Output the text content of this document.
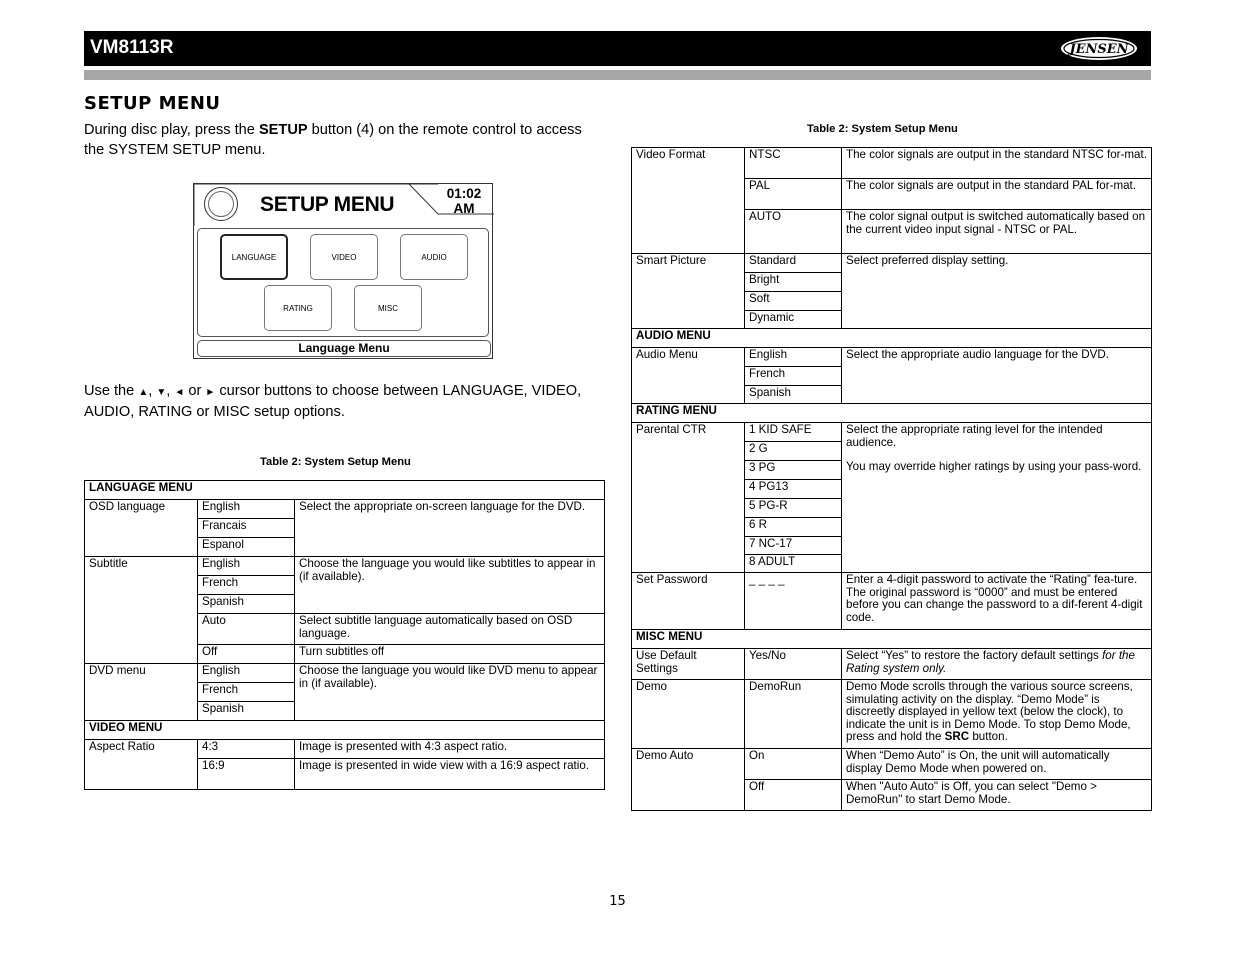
VM8113R	JENSEN
SETUP MENU
During disc play, press the SETUP button (4) on the remote control to access the SYSTEM SETUP menu.
SETUP MENU	01:02
AM
LANGUAGE	VIDEO	AUDIO
RATING	MISC
Language Menu
Use the ▲, ▼, ◄ or ► cursor buttons to choose between LANGUAGE, VIDEO, AUDIO, RATING or MISC setup options.
Table 2: System Setup Menu
Table 2: System Setup Menu
LANGUAGE MENU		
OSD language	English	Select the appropriate on-screen language for the DVD.
	Francais	
	Espanol	
Subtitle	English	Choose the language you would like subtitles to appear in (if available).
	French	
	Spanish	
	Auto	Select subtitle language automatically based on OSD language.
	Off	Turn subtitles off
DVD menu	English	Choose the language you would like DVD menu to appear in (if available).
	French	
	Spanish	
VIDEO MENU		
Aspect Ratio	4:3	Image is presented with 4:3 aspect ratio.
	16:9	Image is presented in wide view with a 16:9 aspect ratio.
Video Format	NTSC	The color signals are output in the standard NTSC for-mat.
	PAL	The color signals are output in the standard PAL for-mat.
	AUTO	The color signal output is switched automatically based on the current video input signal - NTSC or PAL.
Smart Picture	Standard	Select preferred display setting.
	Bright	
	Soft	
	Dynamic	
AUDIO MENU		
Audio Menu	English	Select the appropriate audio language for the DVD.
	French	
	Spanish	
RATING MENU		
Parental CTR	1 KID SAFE	Select the appropriate rating level for the intended audience.

You may override higher ratings by using your pass-word.

	2 G	
	3 PG	
	4 PG13	
	5 PG-R	
	6 R	
	7 NC-17	
	8 ADULT	
Set Password	_ _ _ _	Enter a 4-digit password to activate the “Rating” fea-ture. The original password is “0000” and must be entered before you can change the password to a dif-ferent 4-digit code.
MISC MENU		
Use Default Settings	Yes/No	Select “Yes” to restore the factory default settings for the Rating system only.
Demo	DemoRun	Demo Mode scrolls through the various source screens, simulating activity on the display. “Demo Mode” is discreetly displayed in yellow text (below the clock), to indicate the unit is in Demo Mode. To stop Demo Mode, press and hold the SRC button.
Demo Auto	On	When “Demo Auto” is On, the unit will automatically display Demo Mode when powered on.
	Off	When "Auto Auto" is Off, you can select "Demo > DemoRun" to start Demo Mode.
15
